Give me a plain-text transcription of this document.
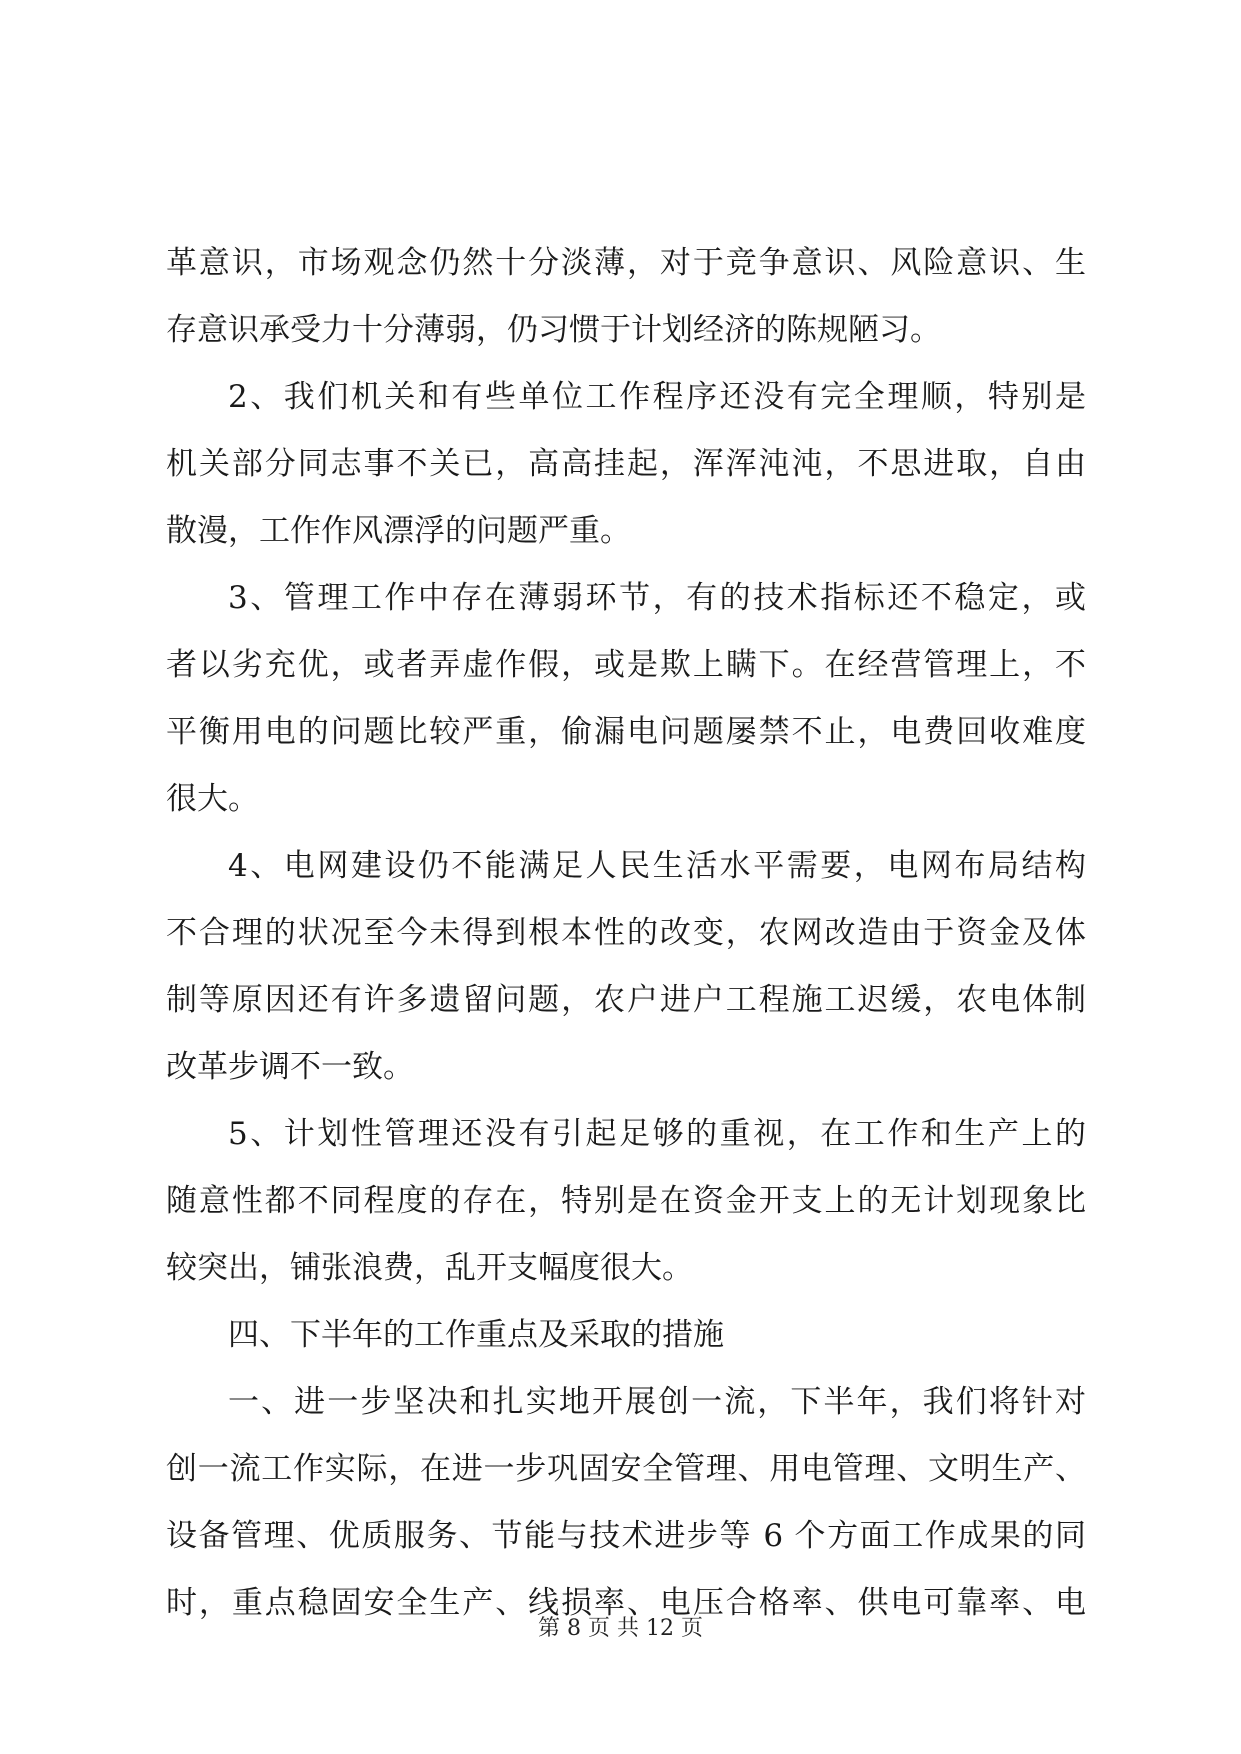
革意识，市场观念仍然十分淡薄，对于竞争意识、风险意识、生
存意识承受力十分薄弱，仍习惯于计划经济的陈规陋习。
2、我们机关和有些单位工作程序还没有完全理顺，特别是
机关部分同志事不关已，高高挂起，浑浑沌沌，不思进取，自由
散漫，工作作风漂浮的问题严重。
3、管理工作中存在薄弱环节，有的技术指标还不稳定，或
者以劣充优，或者弄虚作假，或是欺上瞒下。在经营管理上，不
平衡用电的问题比较严重，偷漏电问题屡禁不止，电费回收难度
很大。
4、电网建设仍不能满足人民生活水平需要，电网布局结构
不合理的状况至今未得到根本性的改变，农网改造由于资金及体
制等原因还有许多遗留问题，农户进户工程施工迟缓，农电体制
改革步调不一致。
5、计划性管理还没有引起足够的重视，在工作和生产上的
随意性都不同程度的存在，特别是在资金开支上的无计划现象比
较突出，铺张浪费，乱开支幅度很大。
四、下半年的工作重点及采取的措施
一、进一步坚决和扎实地开展创一流，下半年，我们将针对
创一流工作实际，在进一步巩固安全管理、用电管理、文明生产、
设备管理、优质服务、节能与技术进步等 6 个方面工作成果的同
时，重点稳固安全生产、线损率、电压合格率、供电可靠率、电
第 8 页 共 12 页
